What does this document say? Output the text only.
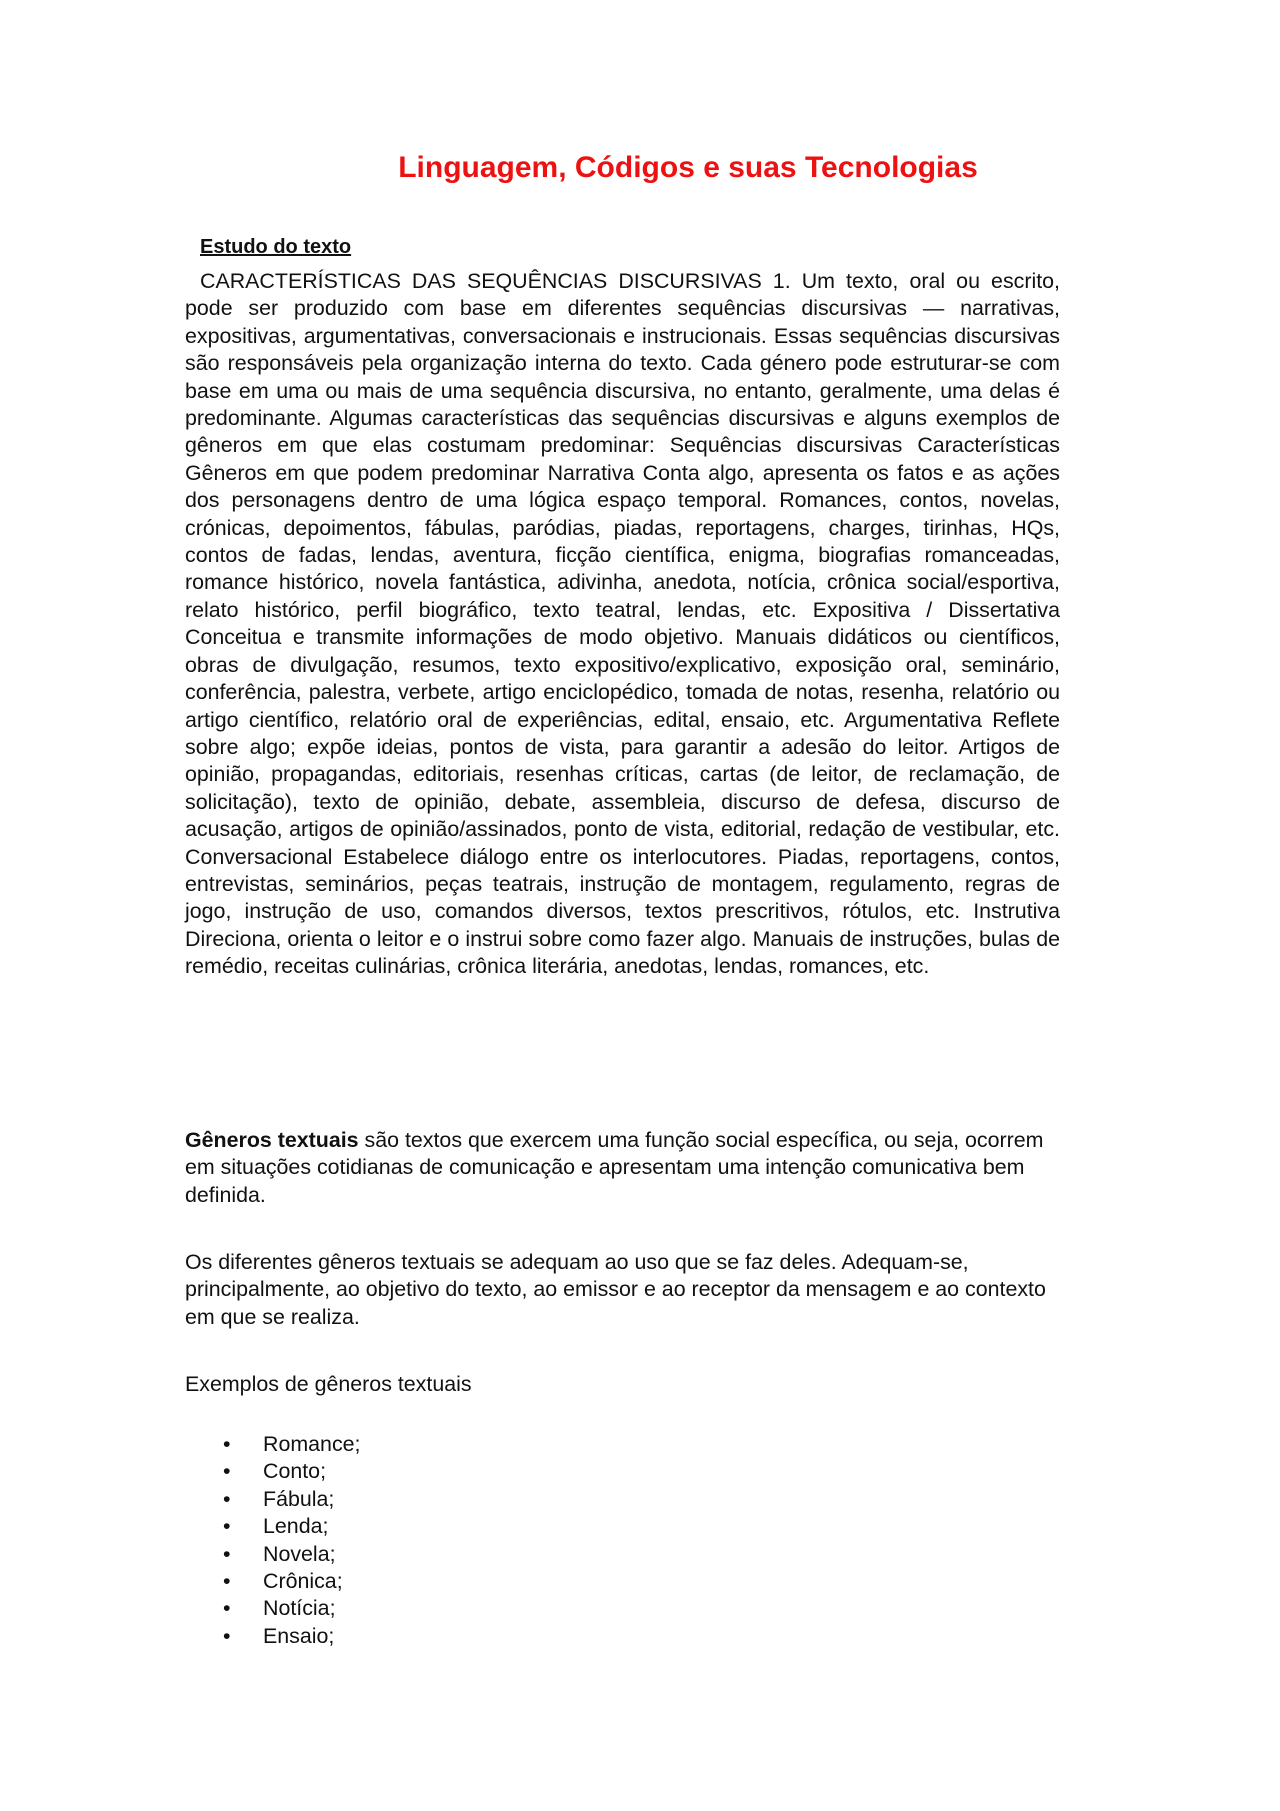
Linguagem, Códigos e suas Tecnologias

Estudo do texto

CARACTERÍSTICAS DAS SEQUÊNCIAS DISCURSIVAS 1. Um texto, oral ou escrito, pode ser produzido com base em diferentes sequências discursivas — narrativas, expositivas, argumentativas, conversacionais e instrucionais. Essas sequências discursivas são responsáveis pela organização interna do texto. Cada género pode estruturar-se com base em uma ou mais de uma sequência discursiva, no entanto, geralmente, uma delas é predominante. Algumas características das sequências discursivas e alguns exemplos de gêneros em que elas costumam predominar: Sequências discursivas Características Gêneros em que podem predominar Narrativa Conta algo, apresenta os fatos e as ações dos personagens dentro de uma lógica espaço temporal. Romances, contos, novelas, crónicas, depoimentos, fábulas, paródias, piadas, reportagens, charges, tirinhas, HQs, contos de fadas, lendas, aventura, ficção científica, enigma, biografias romanceadas, romance histórico, novela fantástica, adivinha, anedota, notícia, crônica social/esportiva, relato histórico, perfil biográfico, texto teatral, lendas, etc. Expositiva / Dissertativa Conceitua e transmite informações de modo objetivo. Manuais didáticos ou científicos, obras de divulgação, resumos, texto expositivo/explicativo, exposição oral, seminário, conferência, palestra, verbete, artigo enciclopédico, tomada de notas, resenha, relatório ou artigo científico, relatório oral de experiências, edital, ensaio, etc. Argumentativa Reflete sobre algo; expõe ideias, pontos de vista, para garantir a adesão do leitor. Artigos de opinião, propagandas, editoriais, resenhas críticas, cartas (de leitor, de reclamação, de solicitação), texto de opinião, debate, assembleia, discurso de defesa, discurso de acusação, artigos de opinião/assinados, ponto de vista, editorial, redação de vestibular, etc. Conversacional Estabelece diálogo entre os interlocutores. Piadas, reportagens, contos, entrevistas, seminários, peças teatrais, instrução de montagem, regulamento, regras de jogo, instrução de uso, comandos diversos, textos prescritivos, rótulos, etc. Instrutiva Direciona, orienta o leitor e o instrui sobre como fazer algo. Manuais de instruções, bulas de remédio, receitas culinárias, crônica literária, anedotas, lendas, romances, etc.

Gêneros textuais são textos que exercem uma função social específica, ou seja, ocorrem em situações cotidianas de comunicação e apresentam uma intenção comunicativa bem definida.

Os diferentes gêneros textuais se adequam ao uso que se faz deles. Adequam-se, principalmente, ao objetivo do texto, ao emissor e ao receptor da mensagem e ao contexto em que se realiza.

Exemplos de gêneros textuais

• Romance;
• Conto;
• Fábula;
• Lenda;
• Novela;
• Crônica;
• Notícia;
• Ensaio;
